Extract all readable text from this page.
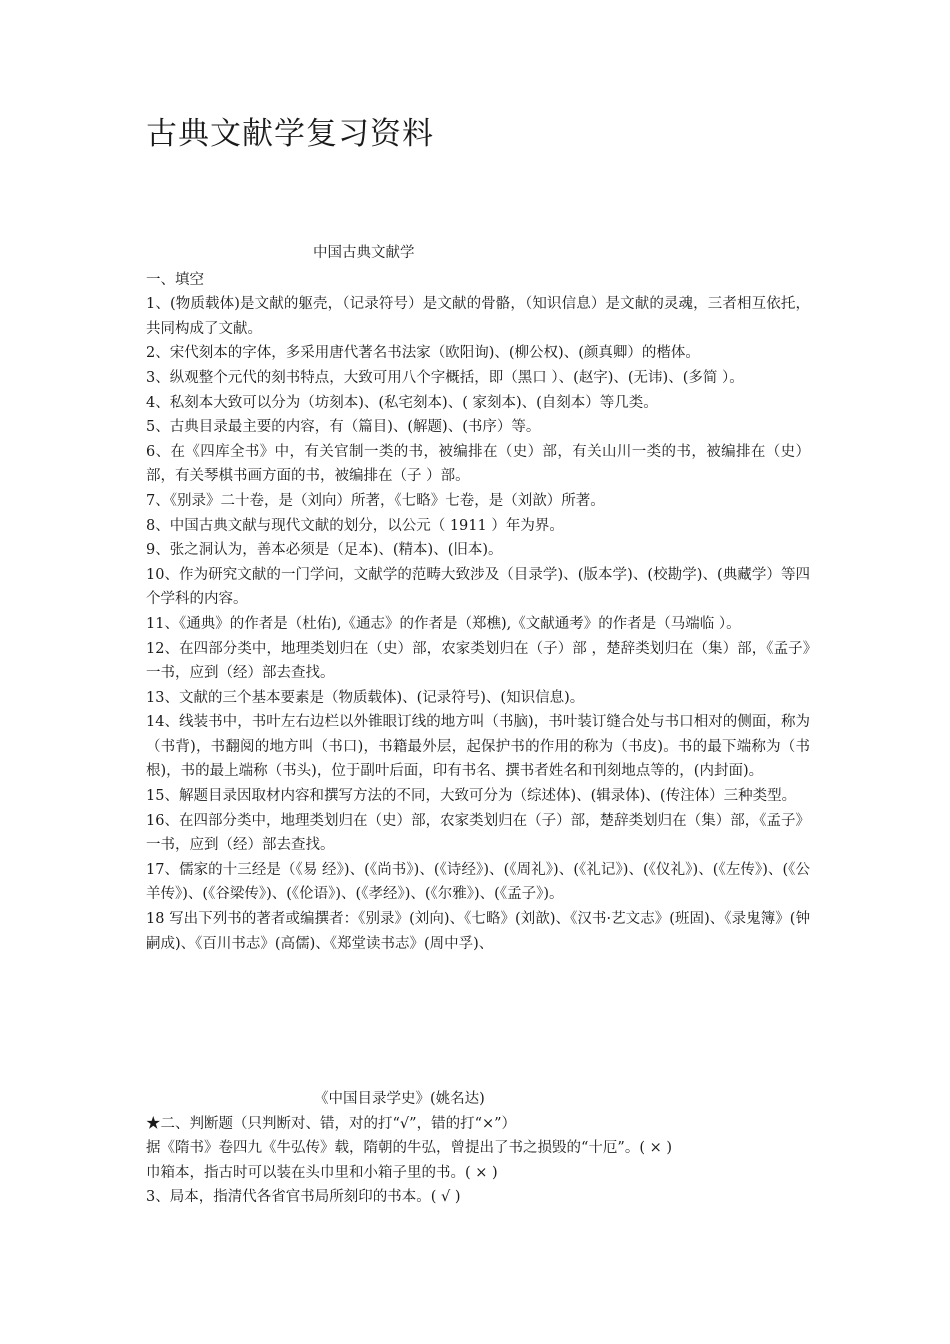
古典文献学复习资料
中国古典文献学
一、填空

1、(物质载体)是文献的躯壳，（记录符号）是文献的骨骼，（知识信息）是文献的灵魂，三者相互依托，共同构成了文献。

2、宋代刻本的字体，多采用唐代著名书法家（欧阳询)、(柳公权)、(颜真卿）的楷体。

3、纵观整个元代的刻书特点，大致可用八个字概括，即（黑口 ）、(赵字)、(无讳)、(多简 ）。

4、私刻本大致可以分为（坊刻本)、(私宅刻本)、( 家刻本)、(自刻本）等几类。

5、古典目录最主要的内容，有（篇目)、(解题)、(书序）等。

6、在《四库全书》中，有关官制一类的书，被编排在（史）部，有关山川一类的书，被编排在（史）部，有关琴棋书画方面的书，被编排在（子 ）部。

7、《别录》二十卷，是（刘向）所著，《七略》七卷，是（刘歆）所著。

8、中国古典文献与现代文献的划分，以公元（ 1911 ）年为界。

9、张之洞认为，善本必须是（足本)、(精本)、(旧本)。

10、作为研究文献的一门学问，文献学的范畴大致涉及（目录学)、(版本学)、(校勘学)、(典藏学）等四个学科的内容。

11、《通典》的作者是（杜佑),《通志》的作者是（郑樵),《文献通考》的作者是（马端临 ）。

12、在四部分类中，地理类划归在（史）部，农家类划归在（子）部 ，楚辞类划归在（集）部，《孟子》一书，应到（经）部去查找。

13、文献的三个基本要素是（物质载体)、(记录符号)、(知识信息)。

14、线装书中，书叶左右边栏以外锥眼订线的地方叫（书脑)，书叶装订缝合处与书口相对的侧面，称为（书背)，书翻阅的地方叫（书口)，书籍最外层，起保护书的作用的称为（书皮)。书的最下端称为（书根)，书的最上端称（书头)，位于副叶后面，印有书名、撰书者姓名和刊刻地点等的，(内封面)。

15、解题目录因取材内容和撰写方法的不同，大致可分为（综述体)、(辑录体)、(传注体）三种类型。

16、在四部分类中，地理类划归在（史）部，农家类划归在（子）部，楚辞类划归在（集）部，《孟子》一书，应到（经）部去查找。

17、儒家的十三经是（《易 经》)、(《尚书》)、(《诗经》)、(《周礼》)、(《礼记》)、(《仪礼》)、(《左传》)、(《公羊传》)、(《谷梁传》)、(《伦语》)、(《孝经》)、(《尔雅》)、(《孟子》)。

18 写出下列书的著者或编撰者：《别录》(刘向)、《七略》(刘歆)、《汉书·艺文志》(班固)、《录鬼簿》(钟嗣成)、《百川书志》(高儒)、《郑堂读书志》(周中孚)、

《中国目录学史》(姚名达)
★二、判断题（只判断对、错，对的打“√”，错的打“×”）

据《隋书》卷四九《牛弘传》载，隋朝的牛弘，曾提出了书之损毁的“十厄”。( × )

巾箱本，指古时可以装在头巾里和小箱子里的书。( × )

3、局本，指清代各省官书局所刻印的书本。( √ )
